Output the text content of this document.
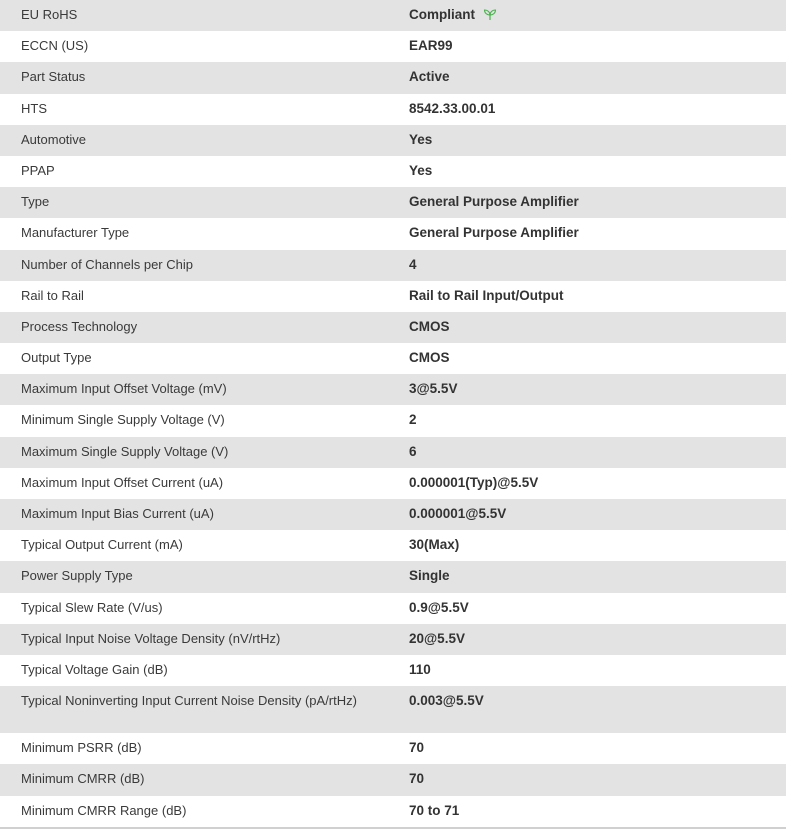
EU RoHS	Compliant
ECCN (US)	EAR99
Part Status	Active
HTS	8542.33.00.01
Automotive	Yes
PPAP	Yes
Type	General Purpose Amplifier
Manufacturer Type	General Purpose Amplifier
Number of Channels per Chip	4
Rail to Rail	Rail to Rail Input/Output
Process Technology	CMOS
Output Type	CMOS
Maximum Input Offset Voltage (mV)	3@5.5V
Minimum Single Supply Voltage (V)	2
Maximum Single Supply Voltage (V)	6
Maximum Input Offset Current (uA)	0.000001(Typ)@5.5V
Maximum Input Bias Current (uA)	0.000001@5.5V
Typical Output Current (mA)	30(Max)
Power Supply Type	Single
Typical Slew Rate (V/us)	0.9@5.5V
Typical Input Noise Voltage Density (nV/rtHz)	20@5.5V
Typical Voltage Gain (dB)	110
Typical Noninverting Input Current Noise Density (pA/rtHz)	0.003@5.5V
Minimum PSRR (dB)	70
Minimum CMRR (dB)	70
Minimum CMRR Range (dB)	70 to 71
